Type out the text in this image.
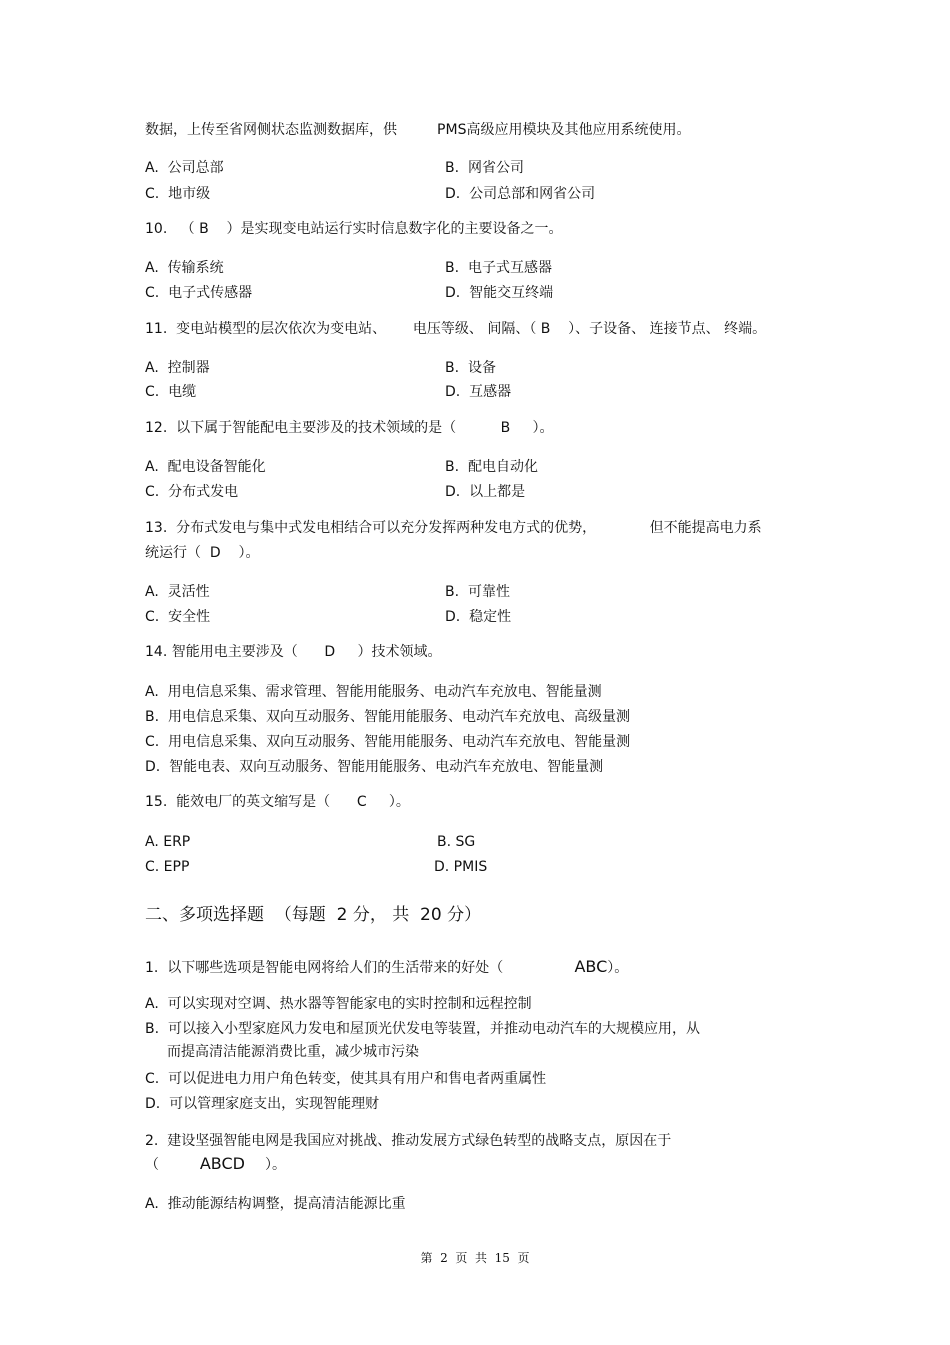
数据，上传至省网侧状态监测数据库，供         PMS高级应用模块及其他应用系统使用。
A.  公司总部	B.  网省公司
C.  地市级	D.  公司总部和网省公司
10.   （ B    ）是实现变电站运行实时信息数字化的主要设备之一。
A.  传输系统	B.  电子式互感器
C.  电子式传感器	D.  智能交互终端
11.  变电站模型的层次依次为变电站、      电压等级、 间隔、（ B    ）、子设备、 连接节点、 终端。
A.  控制器	B.  设备
C.  电缆	D.  互感器
12.  以下属于智能配电主要涉及的技术领域的是（          B     ）。
A.  配电设备智能化	B.  配电自动化
C.  分布式发电	D.  以上都是
13.  分布式发电与集中式发电相结合可以充分发挥两种发电方式的优势，            但不能提高电力系
统运行（  D    ）。
A.  灵活性	B.  可靠性
C.  安全性	D.  稳定性
14. 智能用电主要涉及（      D     ）技术领域。
A.  用电信息采集、需求管理、智能用能服务、电动汽车充放电、智能量测
B.  用电信息采集、双向互动服务、智能用能服务、电动汽车充放电、高级量测
C.  用电信息采集、双向互动服务、智能用能服务、电动汽车充放电、智能量测
D.  智能电表、双向互动服务、智能用能服务、电动汽车充放电、智能量测
15.  能效电厂的英文缩写是（      C     ）。
A. ERP	B. SG
C. EPP	D. PMIS
二、多项选择题  （每题  2 分， 共  20 分）
1.  以下哪些选项是智能电网将给人们的生活带来的好处（	ABC）。
A.  可以实现对空调、热水器等智能家电的实时控制和远程控制
B.  可以接入小型家庭风力发电和屋顶光伏发电等装置，并推动电动汽车的大规模应用，从
而提高清洁能源消费比重，减少城市污染
C.  可以促进电力用户角色转变，使其具有用户和售电者两重属性
D.  可以管理家庭支出，实现智能理财
2.  建设坚强智能电网是我国应对挑战、推动发展方式绿色转型的战略支点，原因在于
（	ABCD ）。
A.  推动能源结构调整，提高清洁能源比重
第  2  页  共  15  页
